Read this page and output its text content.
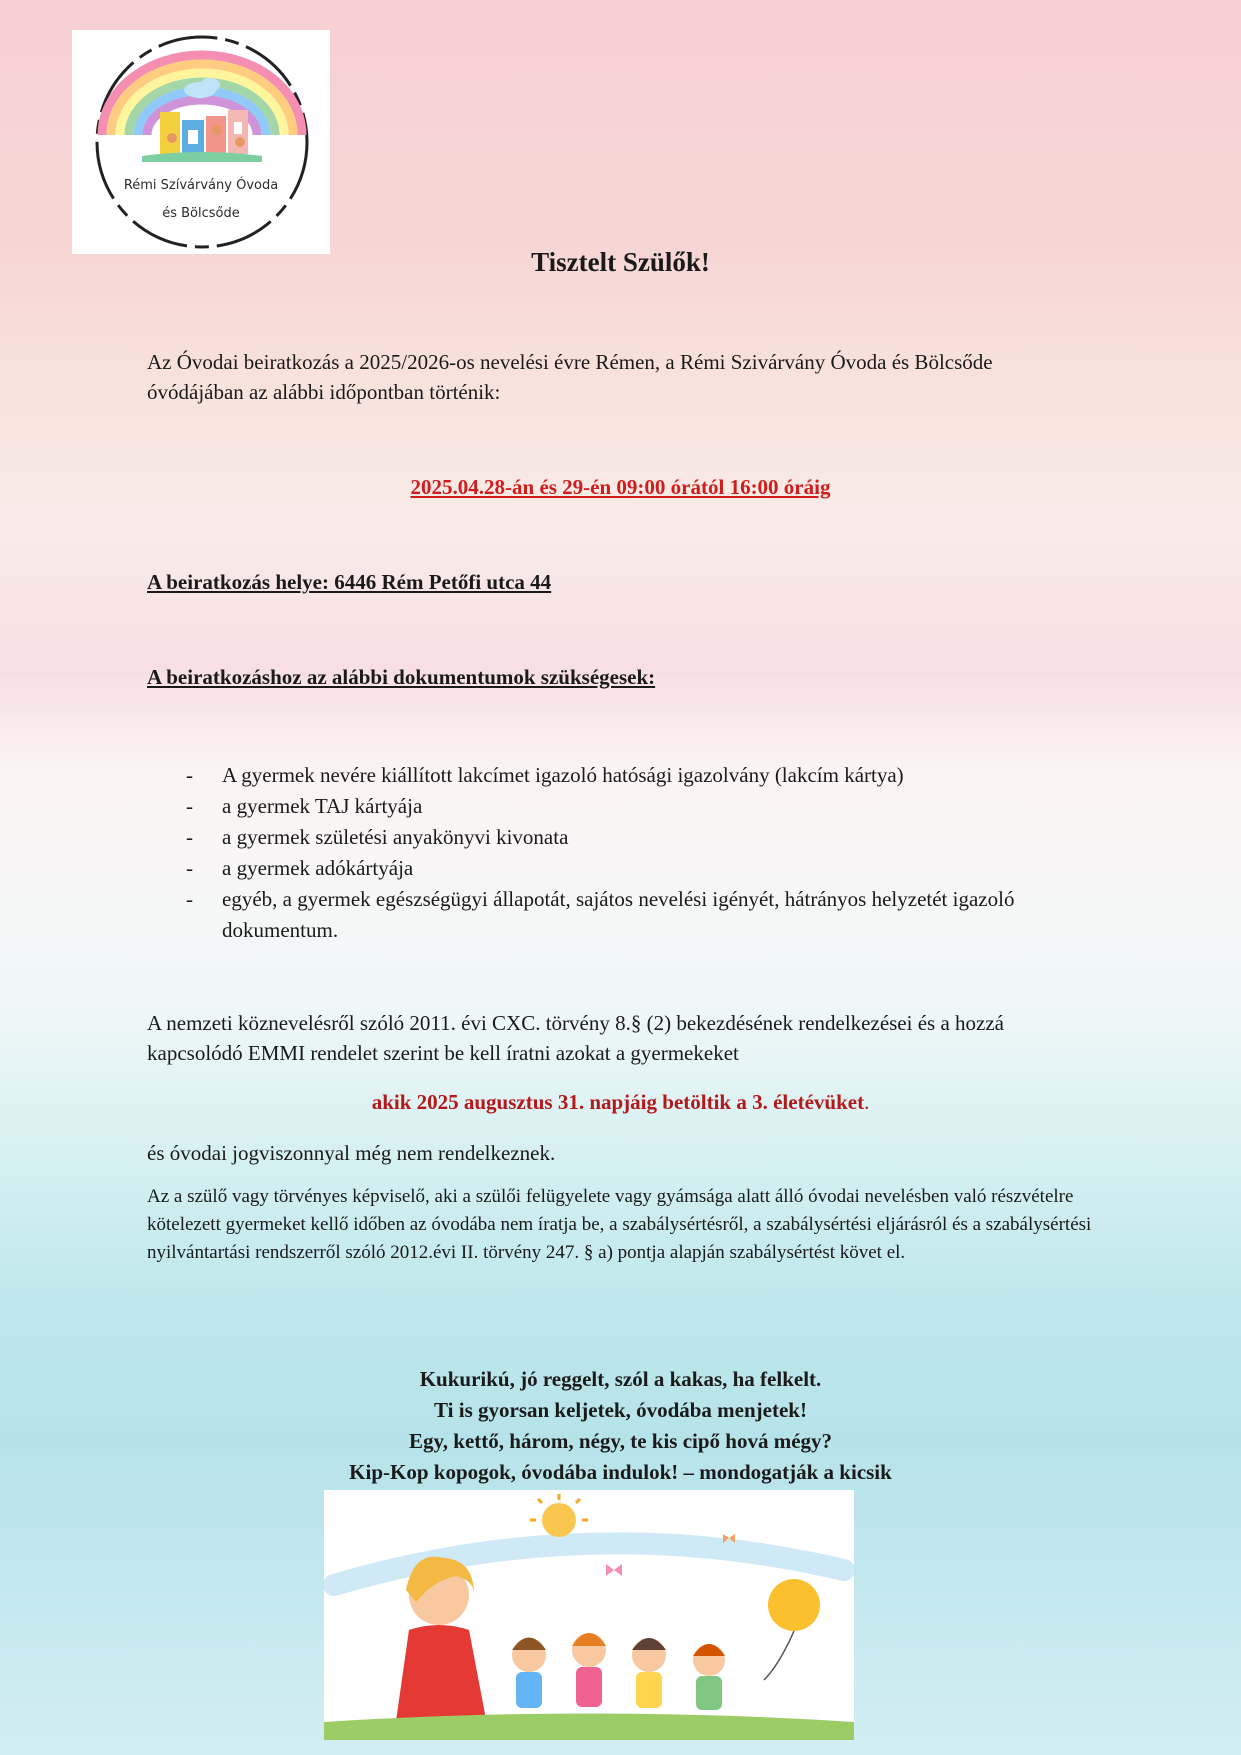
Rémi Szívárvány Óvoda
és Bölcsőde
Tisztelt Szülők!
Az Óvodai beiratkozás a 2025/2026-os nevelési évre Rémen, a Rémi Szivárvány Óvoda és Bölcsőde óvódájában az alábbi időpontban történik:
2025.04.28-án és 29-én 09:00 órától 16:00 óráig
A beiratkozás helye: 6446 Rém Petőfi utca 44
A beiratkozáshoz az alábbi dokumentumok szükségesek:
- A gyermek nevére kiállított lakcímet igazoló hatósági igazolvány (lakcím kártya)
- a gyermek TAJ kártyája
- a gyermek születési anyakönyvi kivonata
- a gyermek adókártyája
- egyéb, a gyermek egészségügyi állapotát, sajátos nevelési igényét, hátrányos helyzetét igazoló dokumentum.
A nemzeti köznevelésről szóló 2011. évi CXC. törvény 8.§ (2) bekezdésének rendelkezései és a hozzá kapcsolódó EMMI rendelet szerint be kell íratni azokat a gyermekeket
akik 2025 augusztus 31. napjáig betöltik a 3. életévüket.
és óvodai jogviszonnyal még nem rendelkeznek.
Az a szülő vagy törvényes képviselő, aki a szülői felügyelete vagy gyámsága alatt álló óvodai nevelésben való részvételre kötelezett gyermeket kellő időben az óvodába nem íratja be, a szabálysértésről, a szabálysértési eljárásról és a szabálysértési nyilvántartási rendszerről szóló 2012.évi II. törvény 247. § a) pontja alapján szabálysértést követ el.
Kukurikú, jó reggelt, szól a kakas, ha felkelt.
Ti is gyorsan keljetek, óvodába menjetek!
Egy, kettő, három, négy, te kis cipő hová mégy?
Kip-Kop kopogok, óvodába indulok! – mondogatják a kicsik
